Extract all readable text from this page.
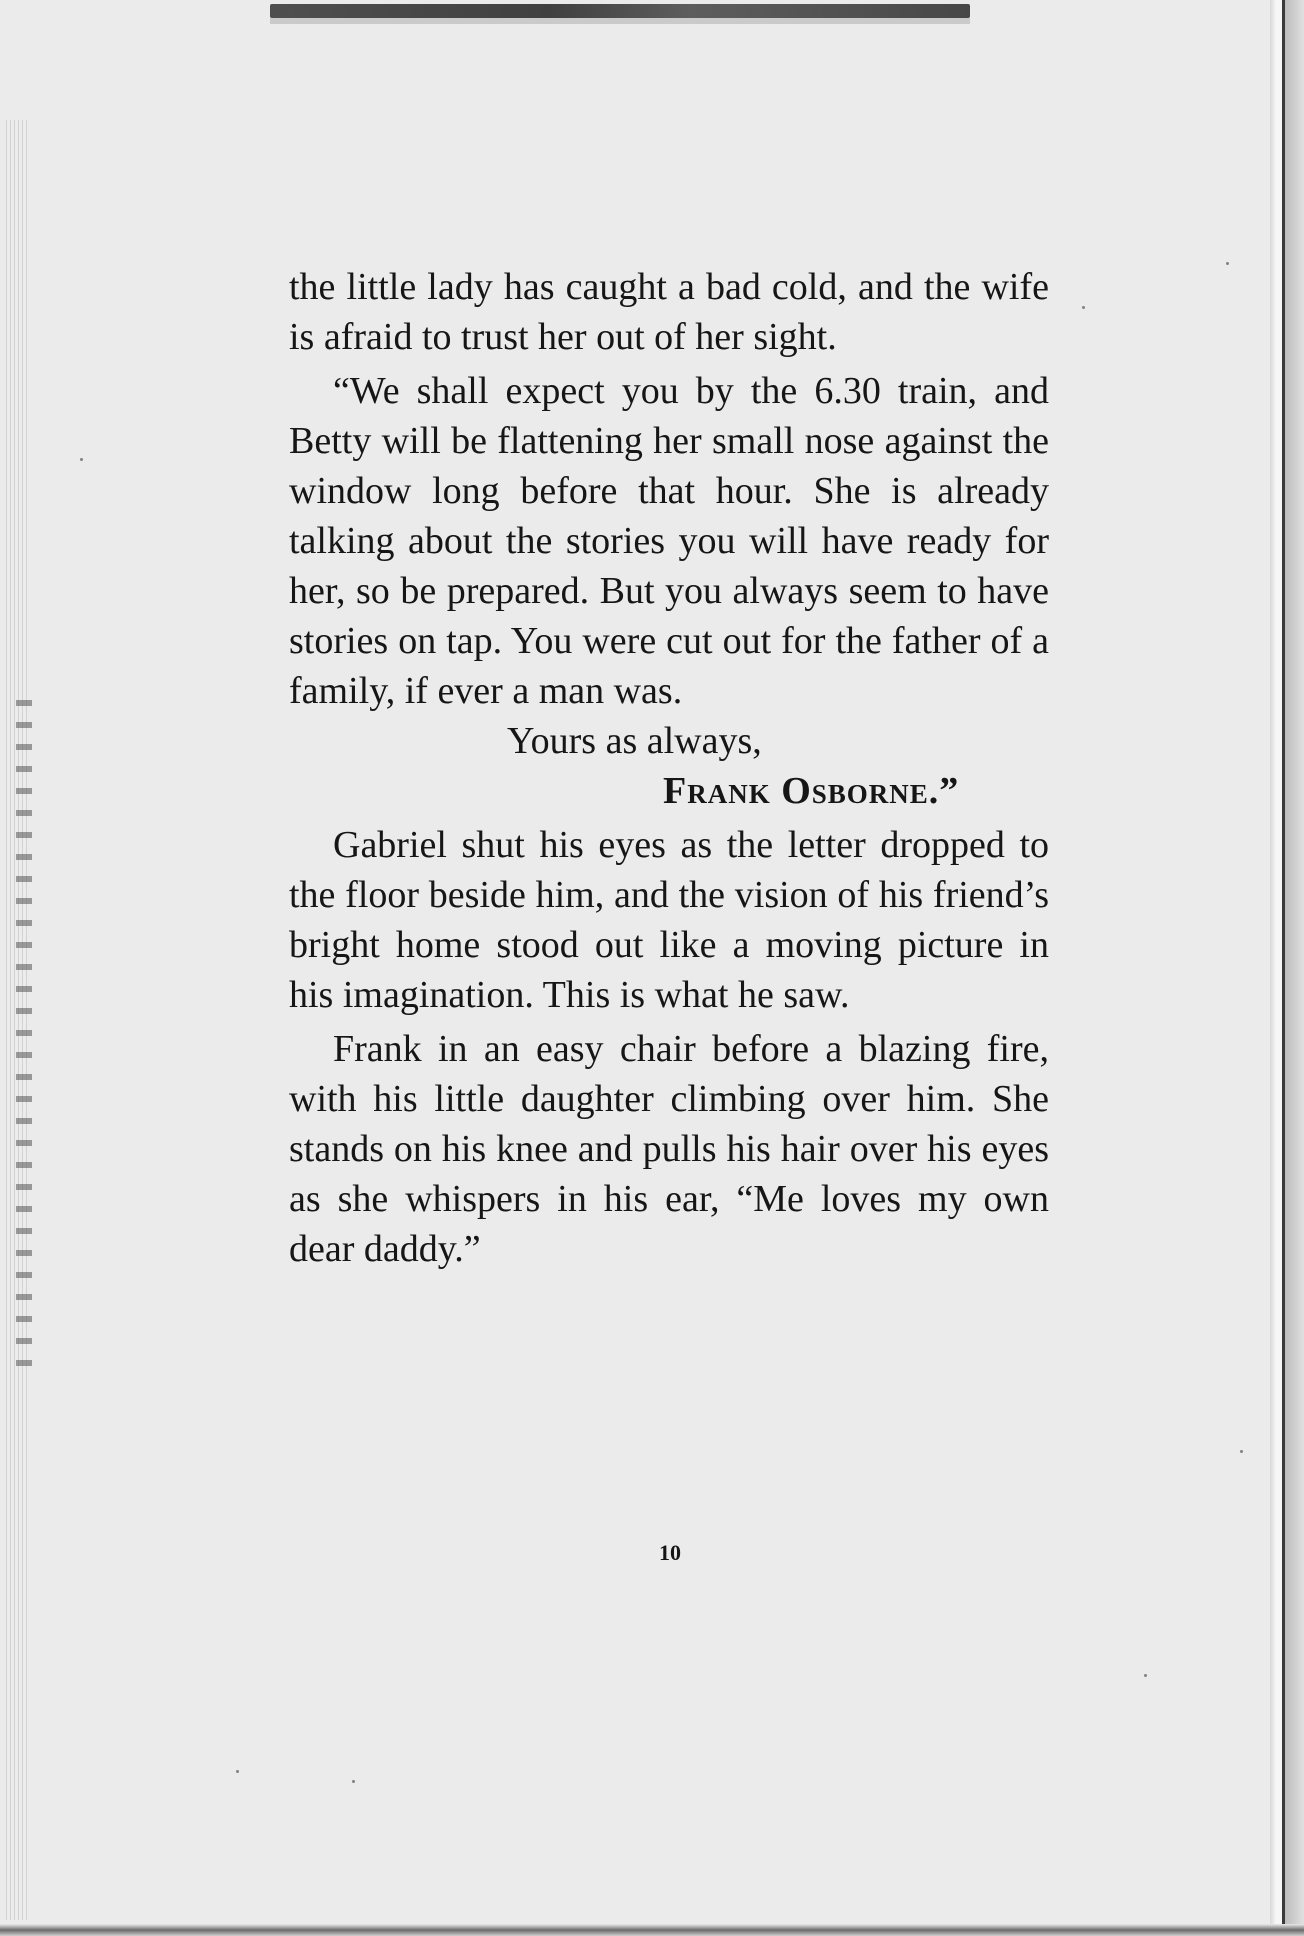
the little lady has caught a bad cold, and the wife is afraid to trust her out of her sight.

“We shall expect you by the 6.30 train, and Betty will be flattening her small nose against the window long before that hour. She is already talking about the stories you will have ready for her, so be prepared. But you always seem to have stories on tap. You were cut out for the father of a family, if ever a man was.

Yours as always,

Frank Osborne.”

Gabriel shut his eyes as the letter dropped to the floor beside him, and the vision of his friend’s bright home stood out like a moving picture in his imagination. This is what he saw.

Frank in an easy chair before a blazing fire, with his little daughter climbing over him. She stands on his knee and pulls his hair over his eyes as she whispers in his ear, “Me loves my own dear daddy.”

10
